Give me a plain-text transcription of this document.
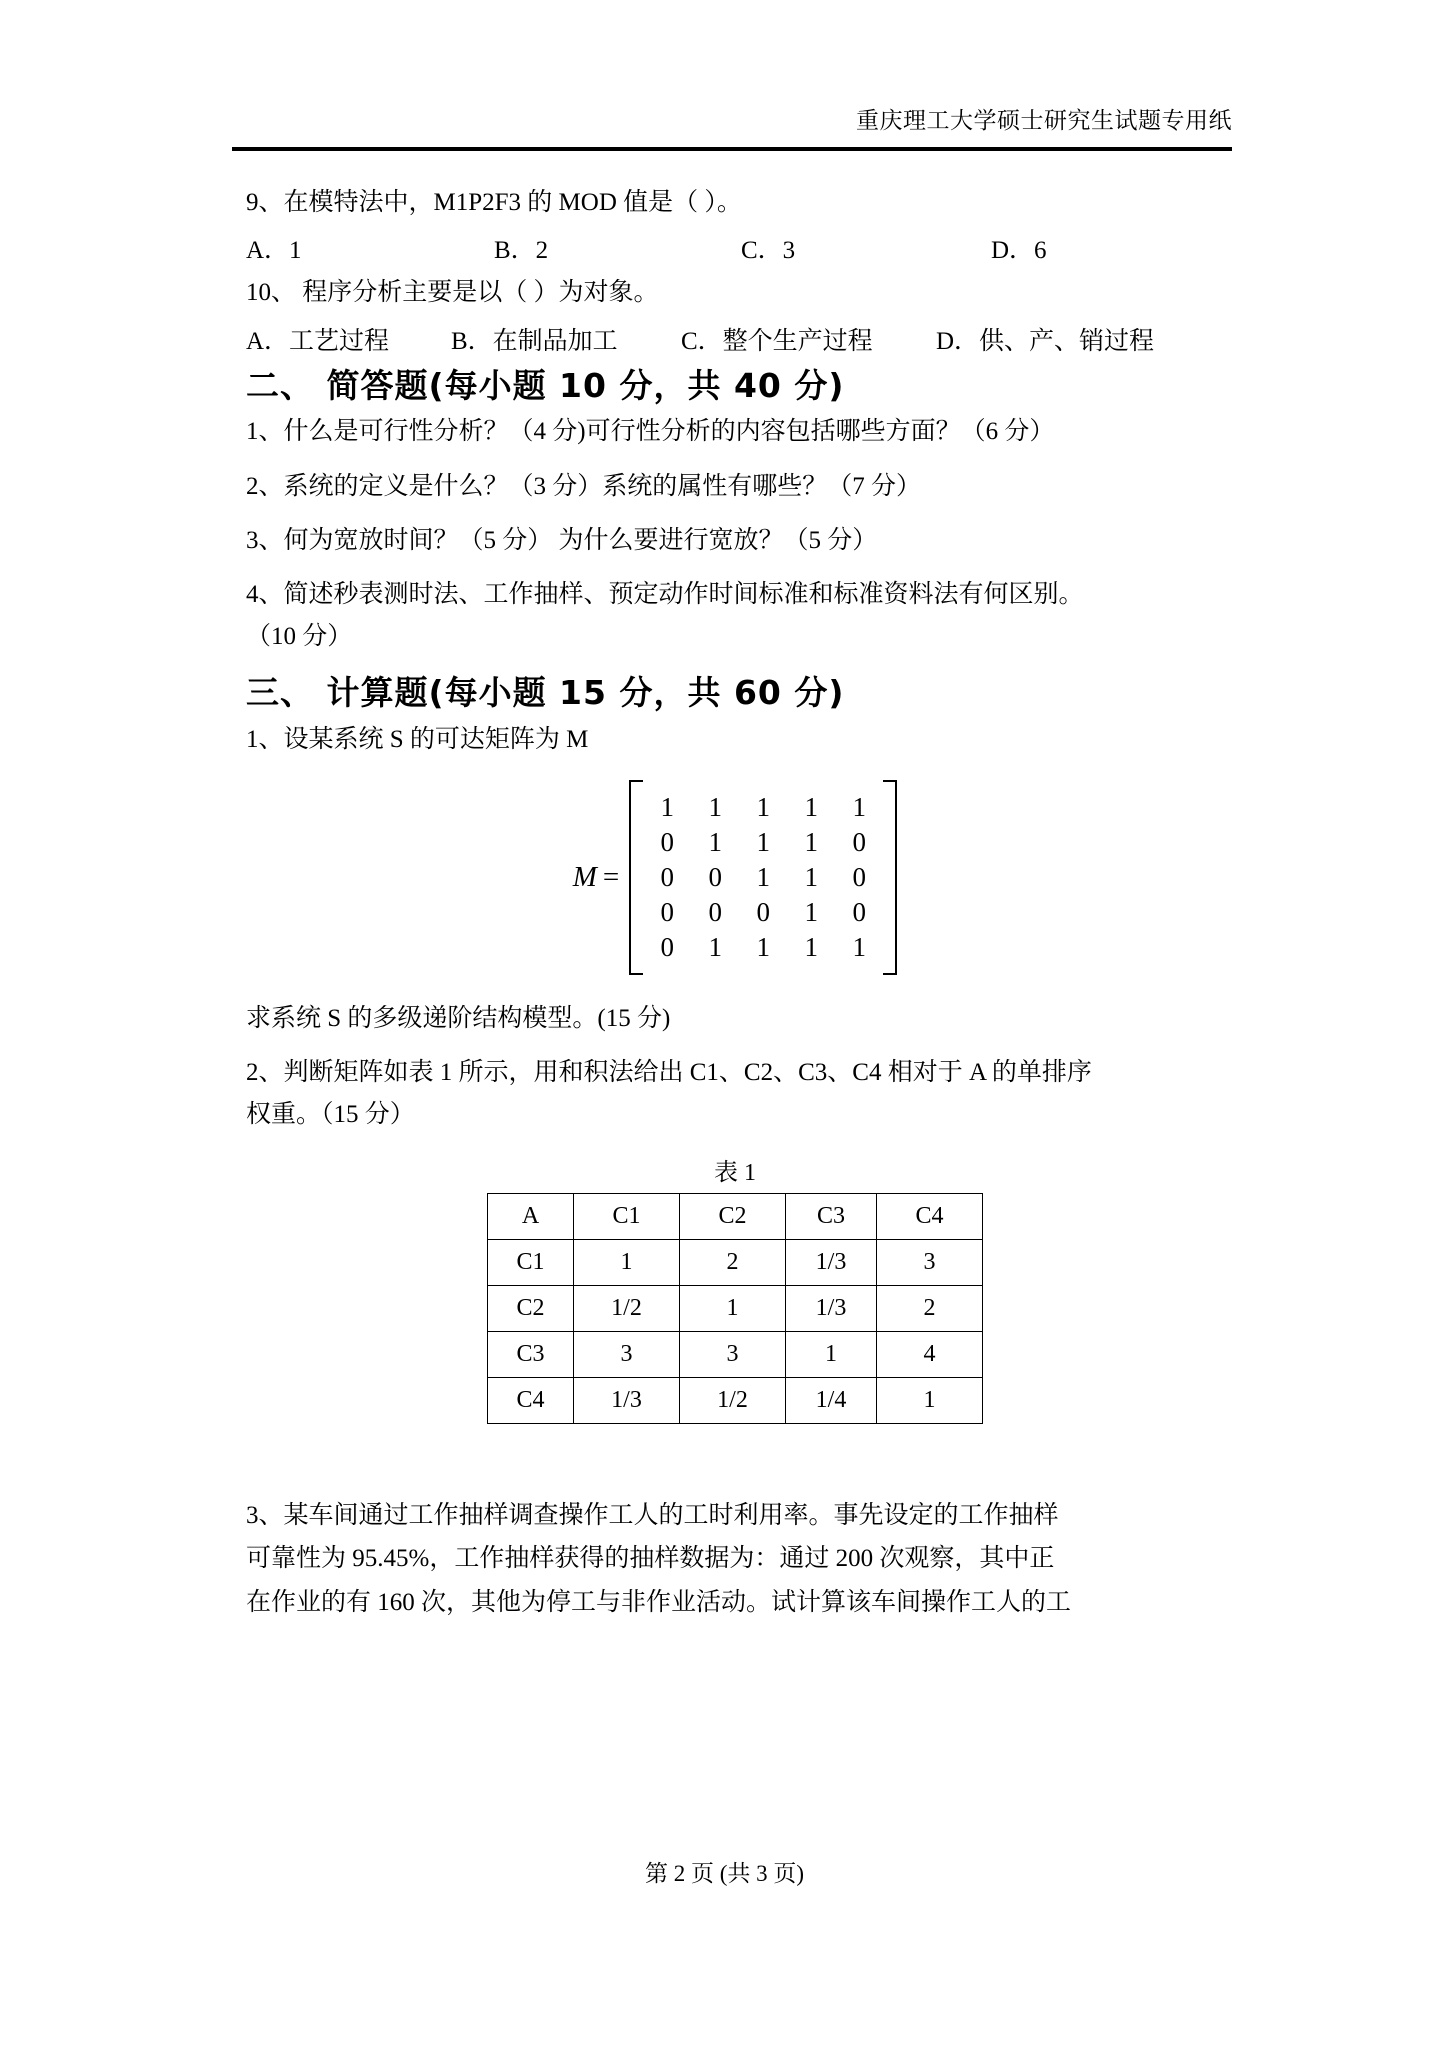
重庆理工大学硕士研究生试题专用纸
9、在模特法中，M1P2F3 的 MOD 值是（ ）。
A．1	B．2	C．3	D．6
10、 程序分析主要是以（ ）为对象。
A．工艺过程 B．在制品加工	C．整个生产过程	D．供、产、销过程
二、 简答题(每小题 10 分，共 40 分)
1、什么是可行性分析？（4 分)可行性分析的内容包括哪些方面？（6 分）
2、系统的定义是什么？（3 分）系统的属性有哪些？（7 分）
3、何为宽放时间？（5 分） 为什么要进行宽放？（5 分）
4、简述秒表测时法、工作抽样、预定动作时间标准和标准资料法有何区别。
（10 分）
三、 计算题(每小题 15 分，共 60 分)
1、设某系统 S 的可达矩阵为 M
M =
1	1	1	1	1
0	1	1	1	0
0	0	1	1	0
0	0	0	1	0
0	1	1	1	1
求系统 S 的多级递阶结构模型。(15 分)
2、判断矩阵如表 1 所示，用和积法给出 C1、C2、C3、C4 相对于 A 的单排序
权重。（15 分）
表 1
A	C1	C2	C3	C4
C1	1	2	1/3	3
C2	1/2	1	1/3	2
C3	3	3	1	4
C4	1/3	1/2	1/4	1
3、某车间通过工作抽样调查操作工人的工时利用率。事先设定的工作抽样
可靠性为 95.45%，工作抽样获得的抽样数据为：通过 200 次观察，其中正
在作业的有 160 次，其他为停工与非作业活动。试计算该车间操作工人的工
第 2 页 (共 3 页)
